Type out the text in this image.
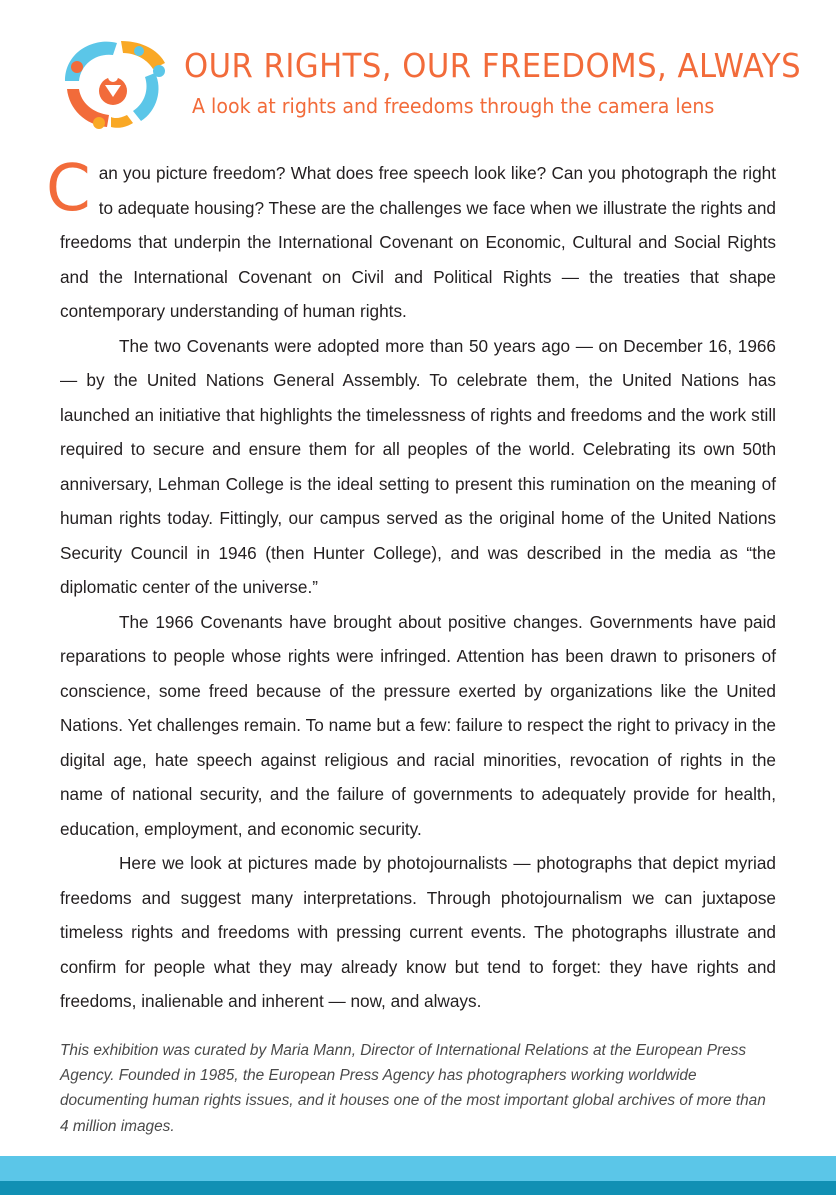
OUR RIGHTS, OUR FREEDOMS, ALWAYS
A look at rights and freedoms through the camera lens

Can you picture freedom? What does free speech look like? Can you photograph the right to adequate housing? These are the challenges we face when we illustrate the rights and freedoms that underpin the International Covenant on Economic, Cultural and Social Rights and the International Covenant on Civil and Political Rights — the treaties that shape contemporary understanding of human rights.

The two Covenants were adopted more than 50 years ago — on December 16, 1966 — by the United Nations General Assembly. To celebrate them, the United Nations has launched an initiative that highlights the timelessness of rights and freedoms and the work still required to secure and ensure them for all peoples of the world. Celebrating its own 50th anniversary, Lehman College is the ideal setting to present this rumination on the meaning of human rights today. Fittingly, our campus served as the original home of the United Nations Security Council in 1946 (then Hunter College), and was described in the media as “the diplomatic center of the universe.”

The 1966 Covenants have brought about positive changes. Governments have paid reparations to people whose rights were infringed. Attention has been drawn to prisoners of conscience, some freed because of the pressure exerted by organizations like the United Nations. Yet challenges remain. To name but a few: failure to respect the right to privacy in the digital age, hate speech against religious and racial minorities, revocation of rights in the name of national security, and the failure of governments to adequately provide for health, education, employment, and economic security.

Here we look at pictures made by photojournalists — photographs that depict myriad freedoms and suggest many interpretations. Through photojournalism we can juxtapose timeless rights and freedoms with pressing current events. The photographs illustrate and confirm for people what they may already know but tend to forget: they have rights and freedoms, inalienable and inherent — now, and always.

This exhibition was curated by Maria Mann, Director of International Relations at the European Press Agency. Founded in 1985, the European Press Agency has photographers working worldwide documenting human rights issues, and it houses one of the most important global archives of more than 4 million images.
